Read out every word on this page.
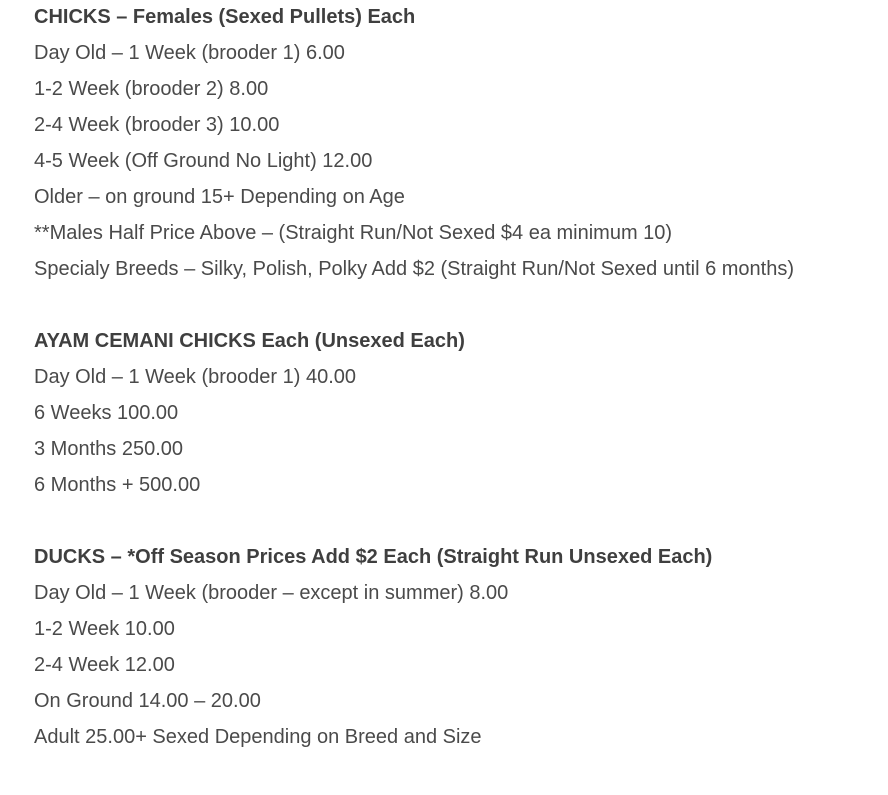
CHICKS – Females (Sexed Pullets) Each
Day Old – 1 Week (brooder 1) 6.00
1-2 Week (brooder 2) 8.00
2-4 Week (brooder 3) 10.00
4-5 Week (Off Ground No Light) 12.00
Older – on ground 15+ Depending on Age
**Males Half Price Above – (Straight Run/Not Sexed $4 ea minimum 10)
Specialy Breeds – Silky, Polish, Polky Add $2 (Straight Run/Not Sexed until 6 months)
AYAM CEMANI CHICKS Each (Unsexed Each)
Day Old – 1 Week (brooder 1) 40.00
6 Weeks 100.00
3 Months 250.00
6 Months + 500.00
DUCKS – *Off Season Prices Add $2 Each (Straight Run Unsexed Each)
Day Old – 1 Week (brooder – except in summer) 8.00
1-2 Week 10.00
2-4 Week 12.00
On Ground 14.00 – 20.00
Adult 25.00+ Sexed Depending on Breed and Size
